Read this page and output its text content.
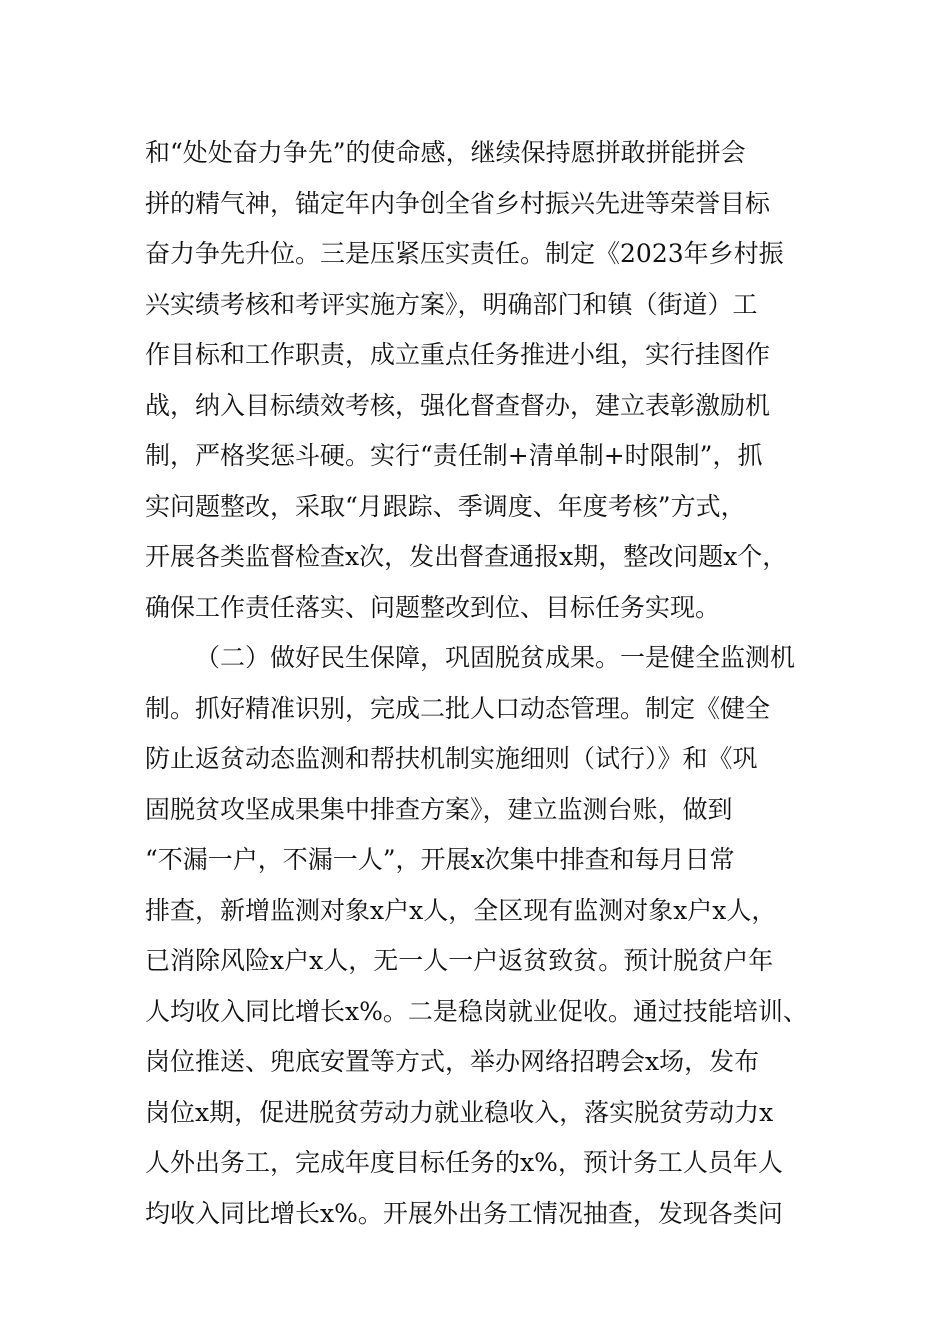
和“处处奋力争先”的使命感，继续保持愿拼敢拼能拼会
拼的精气神，锚定年内争创全省乡村振兴先进等荣誉目标
奋力争先升位。三是压紧压实责任。制定《2023年乡村振
兴实绩考核和考评实施方案》，明确部门和镇（街道）工
作目标和工作职责，成立重点任务推进小组，实行挂图作
战，纳入目标绩效考核，强化督查督办，建立表彰激励机
制，严格奖惩斗硬。实行“责任制+清单制+时限制”，抓
实问题整改，采取“月跟踪、季调度、年度考核”方式，
开展各类监督检查x次，发出督查通报x期，整改问题x个，
确保工作责任落实、问题整改到位、目标任务实现。
（二）做好民生保障，巩固脱贫成果。一是健全监测机
制。抓好精准识别，完成二批人口动态管理。制定《健全
防止返贫动态监测和帮扶机制实施细则（试行）》和《巩
固脱贫攻坚成果集中排查方案》，建立监测台账，做到
“不漏一户，不漏一人”，开展x次集中排查和每月日常
排查，新增监测对象x户x人，全区现有监测对象x户x人，
已消除风险x户x人，无一人一户返贫致贫。预计脱贫户年
人均收入同比增长x%。二是稳岗就业促收。通过技能培训、
岗位推送、兜底安置等方式，举办网络招聘会x场，发布
岗位x期，促进脱贫劳动力就业稳收入，落实脱贫劳动力x
人外出务工，完成年度目标任务的x%，预计务工人员年人
均收入同比增长x%。开展外出务工情况抽查，发现各类问
